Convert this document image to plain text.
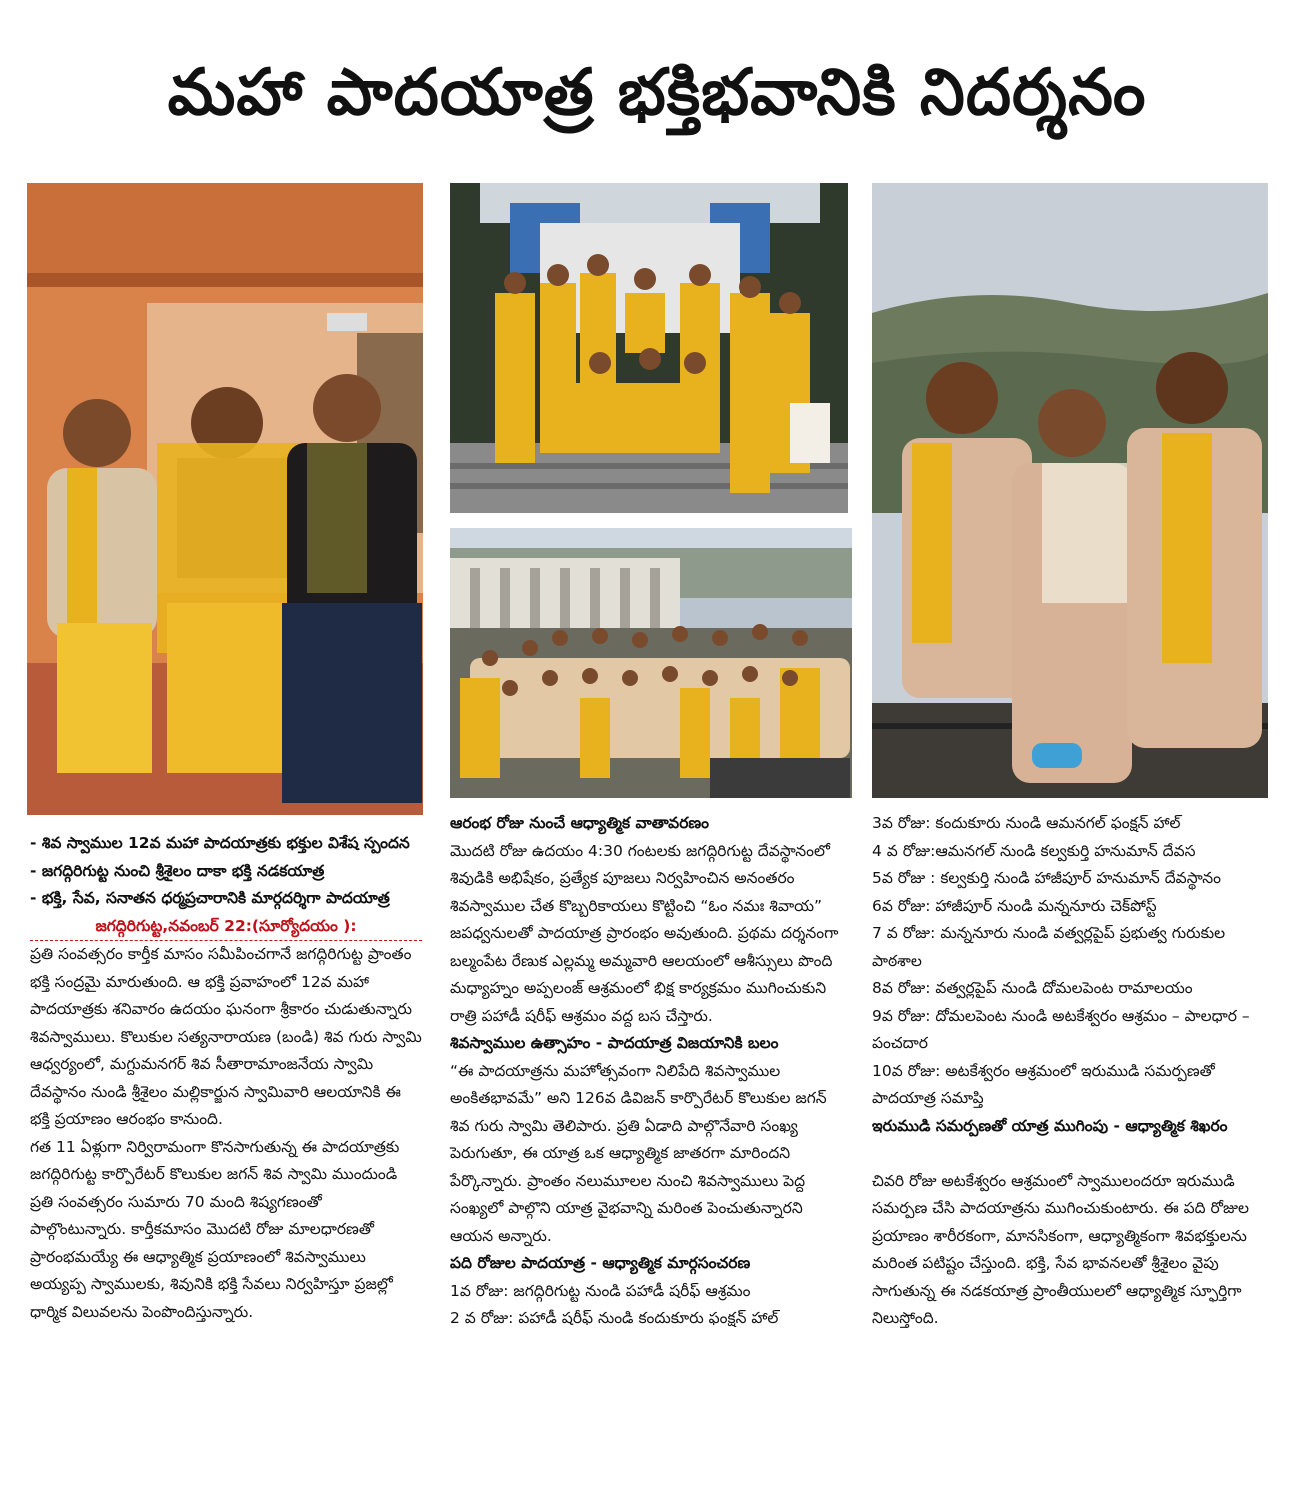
మహా పాదయాత్ర భక్తిభవానికి నిదర్శనం

- శివ స్వాముల 12వ మహా పాదయాత్రకు భక్తుల విశేష స్పందన

- జగద్గిరిగుట్ట నుంచి శ్రీశైలం దాకా భక్తి నడకయాత్ర

- భక్తి, సేవ, సనాతన ధర్మప్రచారానికి మార్గదర్శిగా పాదయాత్ర

జగద్గిరిగుట్ట,నవంబర్ 22:(సూర్యోదయం ):

ప్రతి సంవత్సరం కార్తీక మాసం సమీపించగానే జగద్గిరిగుట్ట ప్రాంతం భక్తి సంద్రమై మారుతుంది. ఆ భక్తి ప్రవాహంలో 12వ మహా పాదయాత్రకు శనివారం ఉదయం ఘనంగా శ్రీకారం చుడుతున్నారు శివస్వాములు. కొలుకుల సత్యనారాయణ (బండి) శివ గురు స్వామి ఆధ్వర్యంలో, మగ్దుమనగర్ శివ సీతారామాంజనేయ స్వామి దేవస్థానం నుండి శ్రీశైలం మల్లికార్జున స్వామివారి ఆలయానికి ఈ భక్తి ప్రయాణం ఆరంభం కానుంది.

గత 11 ఏళ్లుగా నిర్విరామంగా కొనసాగుతున్న ఈ పాదయాత్రకు జగద్గిరిగుట్ట కార్పొరేటర్ కొలుకుల జగన్ శివ స్వామి ముందుండి ప్రతి సంవత్సరం సుమారు 70 మంది శిష్యగణంతో పాల్గొంటున్నారు. కార్తీకమాసం మొదటి రోజు మాలధారణతో ప్రారంభమయ్యే ఈ ఆధ్యాత్మిక ప్రయాణంలో శివస్వాములు అయ్యప్ప స్వాములకు, శివునికి భక్తి సేవలు నిర్వహిస్తూ ప్రజల్లో ధార్మిక విలువలను పెంపొందిస్తున్నారు.

ఆరంభ రోజు నుంచే ఆధ్యాత్మిక వాతావరణం

మొదటి రోజు ఉదయం 4:30 గంటలకు జగద్గిరిగుట్ట దేవస్థానంలో శివుడికి అభిషేకం, ప్రత్యేక పూజలు నిర్వహించిన అనంతరం శివస్వాముల చేత కొబ్బరికాయలు కొట్టించి “ఓం నమః శివాయ” జపధ్వనులతో పాదయాత్ర ప్రారంభం అవుతుంది. ప్రథమ దర్శనంగా బల్మంపేట రేణుక ఎల్లమ్మ అమ్మవారి ఆలయంలో ఆశీస్సులు పొంది మధ్యాహ్నం అప్పలంజ్ ఆశ్రమంలో భిక్ష కార్యక్రమం ముగించుకుని రాత్రి పహాడీ షరీఫ్ ఆశ్రమం వద్ద బస చేస్తారు.

శివస్వాముల ఉత్సాహం - పాదయాత్ర విజయానికి బలం

“ఈ పాదయాత్రను మహోత్సవంగా నిలిపేది శివస్వాముల అంకితభావమే” అని 126వ డివిజన్ కార్పొరేటర్ కొలుకుల జగన్ శివ గురు స్వామి తెలిపారు. ప్రతి ఏడాది పాల్గొనేవారి సంఖ్య పెరుగుతూ, ఈ యాత్ర ఒక ఆధ్యాత్మిక జాతరగా మారిందని పేర్కొన్నారు. ప్రాంతం నలుమూలల నుంచి శివస్వాములు పెద్ద సంఖ్యలో పాల్గొని యాత్ర వైభవాన్ని మరింత పెంచుతున్నారని ఆయన అన్నారు.

పది రోజుల పాదయాత్ర - ఆధ్యాత్మిక మార్గసంచరణ

1వ రోజు: జగద్గిరిగుట్ట నుండి పహాడీ షరీఫ్ ఆశ్రమం

2 వ రోజు: పహాడీ షరీఫ్ నుండి కందుకూరు ఫంక్షన్ హాల్

3వ రోజు: కందుకూరు నుండి ఆమనగల్ ఫంక్షన్ హాల్

4 వ రోజు:ఆమనగల్ నుండి కల్వకుర్తి హనుమాన్ దేవస

5వ రోజు : కల్వకుర్తి నుండి హాజీపూర్ హనుమాన్ దేవస్థానం

6వ రోజు: హాజీపూర్ నుండి మన్ననూరు చెక్‌పోస్ట్

7 వ రోజు: మన్ననూరు నుండి వత్వర్లపైప్ ప్రభుత్వ గురుకుల పాఠశాల

8వ రోజు: వత్వర్లపైప్ నుండి దోమలపెంట రామాలయం

9వ రోజు: దోమలపెంట నుండి అటకేశ్వరం ఆశ్రమం – పాలధార – పంచదార

10వ రోజు: అటకేశ్వరం ఆశ్రమంలో ఇరుముడి సమర్పణతో పాదయాత్ర సమాప్తి

ఇరుముడి సమర్పణతో యాత్ర ముగింపు - ఆధ్యాత్మిక శిఖరం

చివరి రోజు అటకేశ్వరం ఆశ్రమంలో స్వాములందరూ ఇరుముడి సమర్పణ చేసి పాదయాత్రను ముగించుకుంటారు. ఈ పది రోజుల ప్రయాణం శారీరకంగా, మానసికంగా, ఆధ్యాత్మికంగా శివభక్తులను మరింత పటిష్టం చేస్తుంది. భక్తి, సేవ భావనలతో శ్రీశైలం వైపు సాగుతున్న ఈ నడకయాత్ర ప్రాంతీయులలో ఆధ్యాత్మిక స్ఫూర్తిగా నిలుస్తోంది.
